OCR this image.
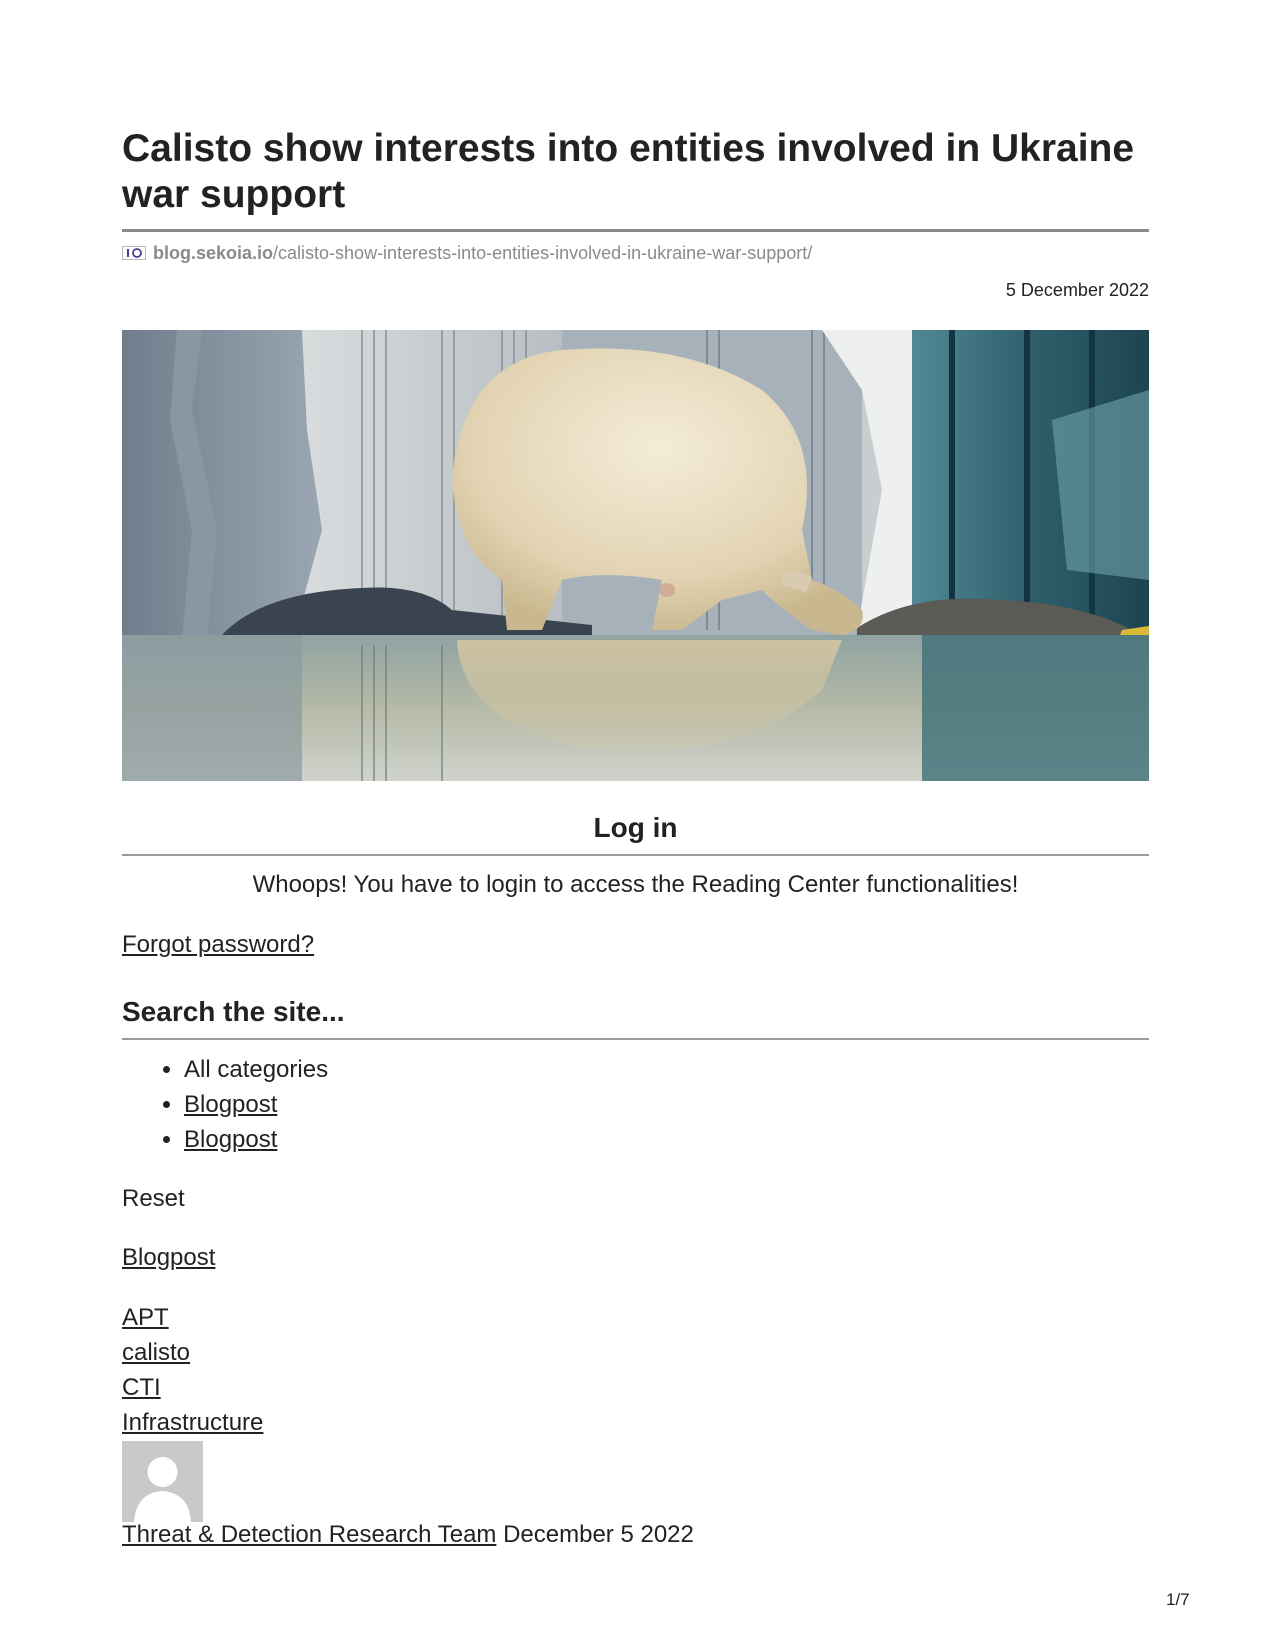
Calisto show interests into entities involved in Ukraine war support
blog.sekoia.io /calisto-show-interests-into-entities-involved-in-ukraine-war-support/
5 December 2022
Log in
Whoops! You have to login to access the Reading Center functionalities!
Forgot password?
Search the site...
• All categories
• Blogpost
• Blogpost
Reset
Blogpost
APT
calisto
CTI
Infrastructure
Threat & Detection Research Team December 5 2022
1/7
